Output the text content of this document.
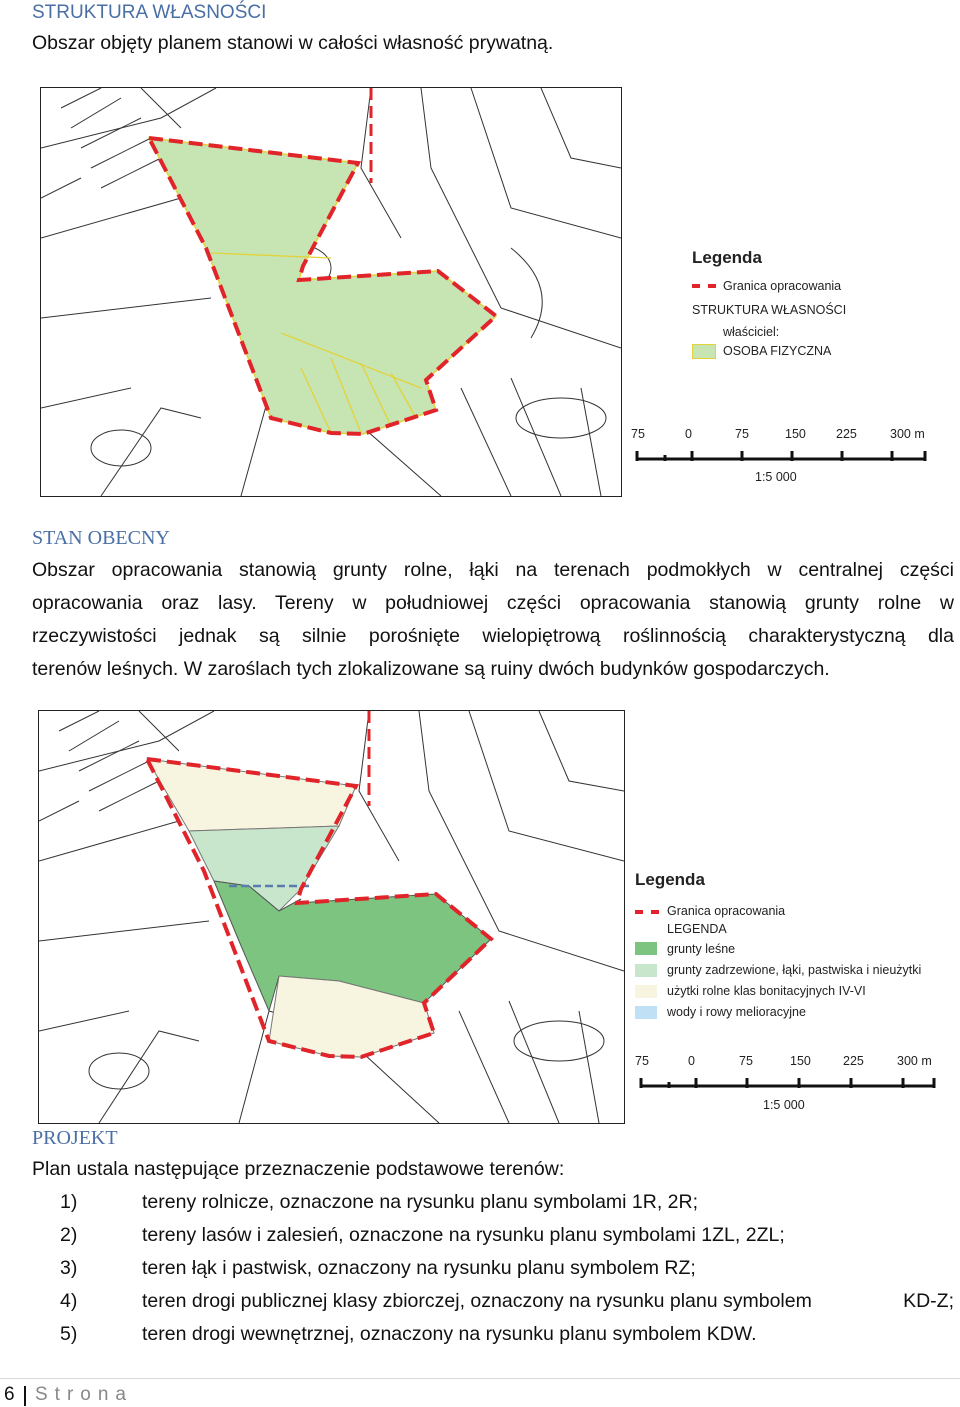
STRUKTURA WŁASNOŚCI
Obszar objęty planem stanowi w całości własność prywatną.
Legenda
Granica opracowania
STRUKTURA WŁASNOŚCI
właściciel:
OSOBA FIZYCZNA
75	0	75	150 225	300 m
1:5 000
STAN OBECNY
Obszar opracowania stanowią grunty rolne, łąki na terenach podmokłych w centralnej części
opracowania oraz lasy. Tereny w południowej części opracowania stanowią grunty rolne w
rzeczywistości jednak są silnie porośnięte wielopiętrową roślinnością charakterystyczną dla
terenów leśnych. W zaroślach tych zlokalizowane są ruiny dwóch budynków gospodarczych.
Legenda
Granica opracowania
LEGENDA
grunty leśne
grunty zadrzewione, łąki, pastwiska i nieużytki
użytki rolne klas bonitacyjnych IV-VI
wody i rowy melioracyjne
75	0	75	150	225	300 m
1:5 000
PROJEKT
Plan ustala następujące przeznaczenie podstawowe terenów:
1)	tereny rolnicze, oznaczone na rysunku planu symbolami 1R, 2R;
2)	tereny lasów i zalesień, oznaczone na rysunku planu symbolami 1ZL, 2ZL;
3)	teren łąk i pastwisk, oznaczony na rysunku planu symbolem RZ;
4)	teren drogi publicznej klasy zbiorczej, oznaczony na rysunku planu symbolem	KD-Z;
5)	teren drogi wewnętrznej, oznaczony na rysunku planu symbolem KDW.
6 Strona
